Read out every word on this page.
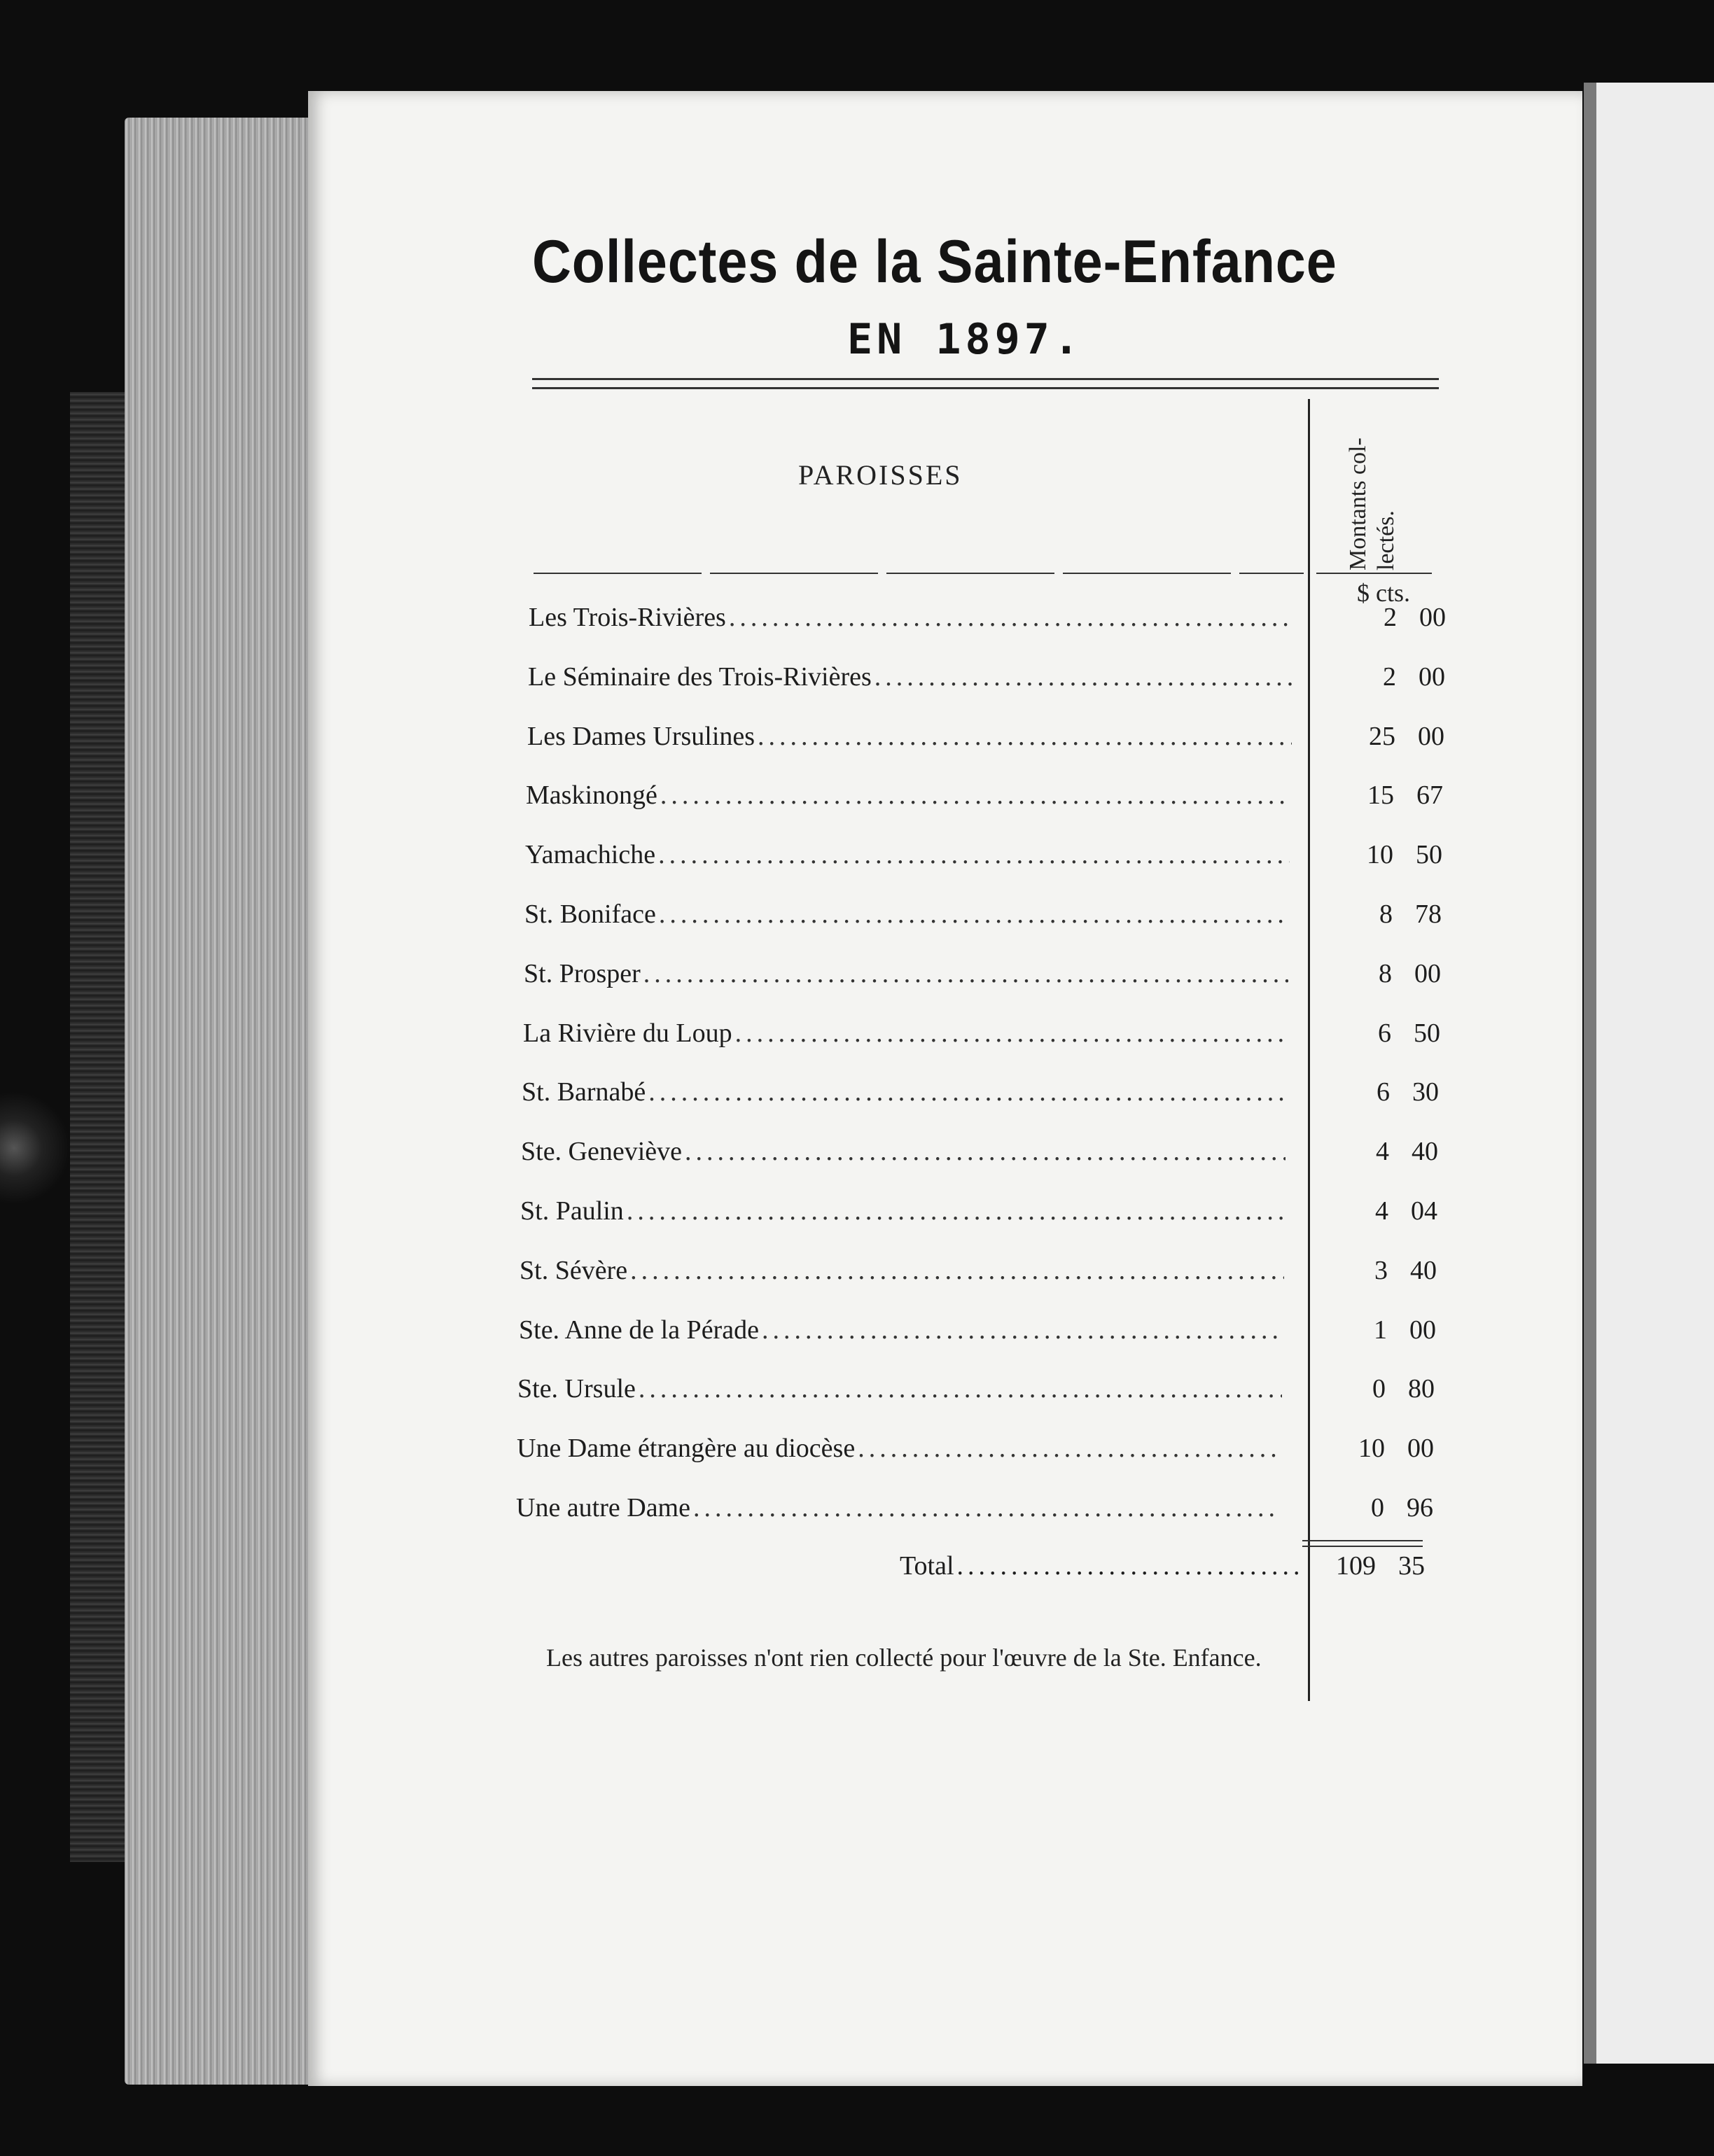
Collectes de la Sainte-Enfance
EN 1897.
PAROISSES	Montants col-lectés.
$ cts.
Les Trois-Rivières .....	2 00
Le Séminaire des Trois-Rivières .....	2 00
Les Dames Ursulines .....	25 00
Maskinongé .....	15 67
Yamachiche .....	10 50
St. Boniface .....	8 78
St. Prosper .....	8 00
La Rivière du Loup .....	6 50
St. Barnabé .....	6 30
Ste. Geneviève .....	4 40
St. Paulin .....	4 04
St. Sévère .....	3 40
Ste. Anne de la Pérade .....	1 00
Ste. Ursule .....	0 80
Une Dame étrangère au diocèse .....	10 00
Une autre Dame .....	0 96
Total .....	109 35
Les autres paroisses n'ont rien collecté pour l'œuvre de la Ste. Enfance.
